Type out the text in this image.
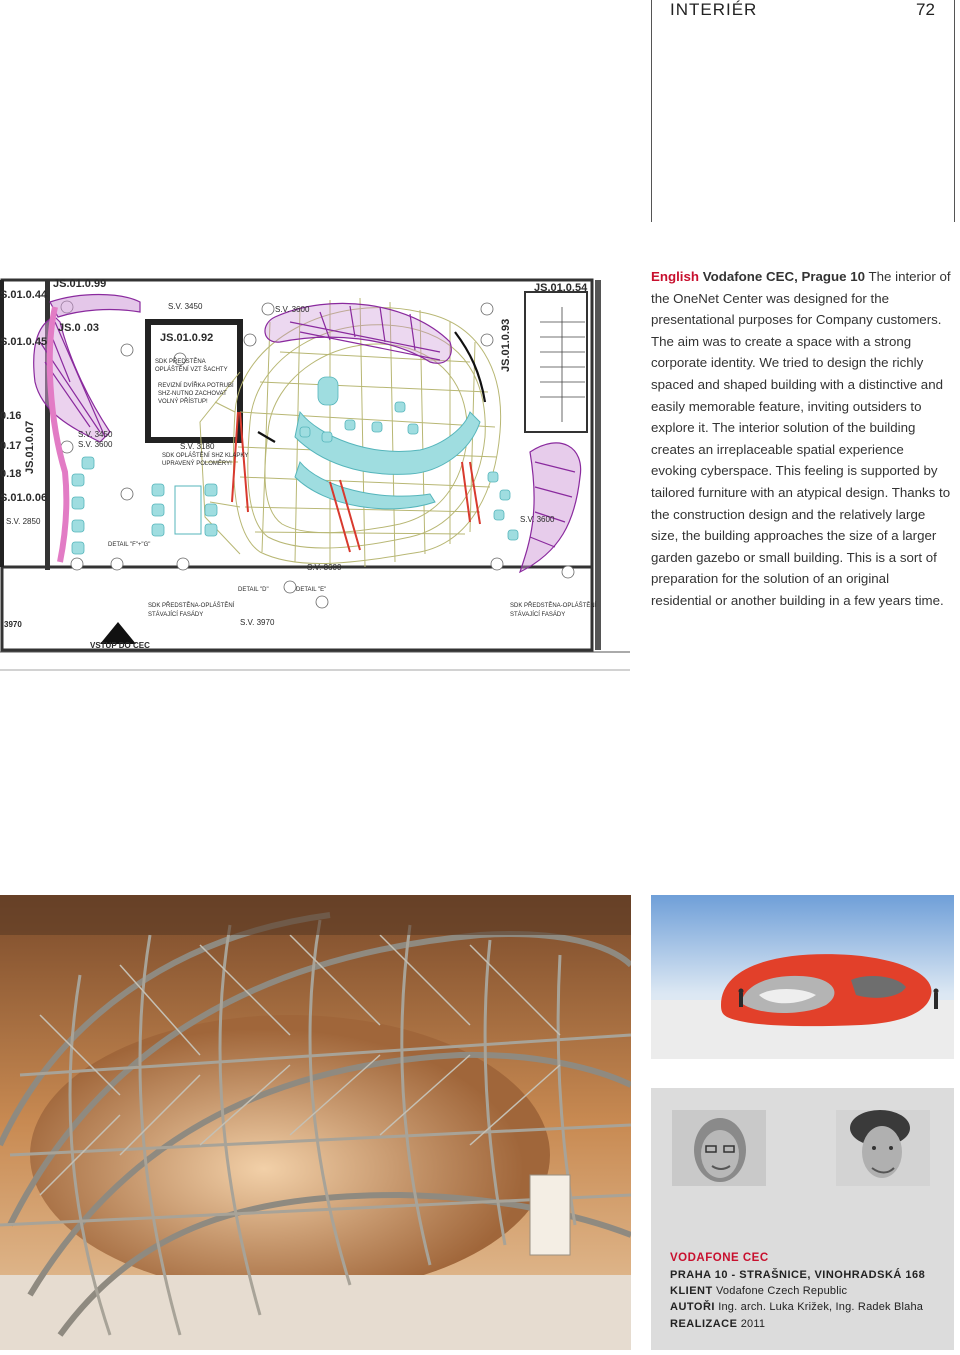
INTERIÉR	72
JS.01.0.99
S.01.0.44
S.01.0.45
JS.0 .03
JS.01.0.92
JS.01.0.54
JS.01.0.93
JS.01.0.07
S.01.0.06
0.16
0.17
0.18
S.V. 3450	S.V. 3600
S.V. 3450
S.V. 3600	S.V. 3180
S.V. 2850
S.V. 3600
S.V. 3600
S.V. 3970
3970
SDK PŘEDSTĚNA
OPLÁŠTĚNÍ VZT ŠACHTY
REVIZNÍ DVÍŘKA POTRUBÍ
SHZ-NUTNO ZACHOVAT
VOLNÝ PŘÍSTUP!
SDK OPLÁŠTĚNÍ SHZ KLAPKY
UPRAVENÝ POLOMĚRY!
DETAIL "F"+"G"
DETAIL "D"	DETAIL "E"
SDK PŘEDSTĚNA-OPLÁŠTĚNÍ
STÁVAJÍCÍ FASÁDY
SDK PŘEDSTĚNA-OPLÁŠTĚNÍ
STÁVAJÍCÍ FASÁDY
VSTUP DO CEC
English Vodafone CEC, Prague 10 The interior of the OneNet Center was designed for the presentational purposes for Company customers. The aim was to create a space with a strong corporate identity. We tried to design the richly spaced and shaped building with a distinctive and easily memorable feature, inviting outsiders to explore it. The interior solution of the building creates an irreplaceable spatial experience evoking cyberspace. This feeling is supported by tailored furniture with an atypical design. Thanks to the construction design and the relatively large size, the building approaches the size of a larger garden gazebo or small building. This is a sort of preparation for the solution of an original residential or another building in a few years time.
VODAFONE CEC
PRAHA 10 - STRAŠNICE, VINOHRADSKÁ 168
KLIENT Vodafone Czech Republic
AUTOŘI Ing. arch. Luka Križek, Ing. Radek Blaha
REALIZACE 2011
